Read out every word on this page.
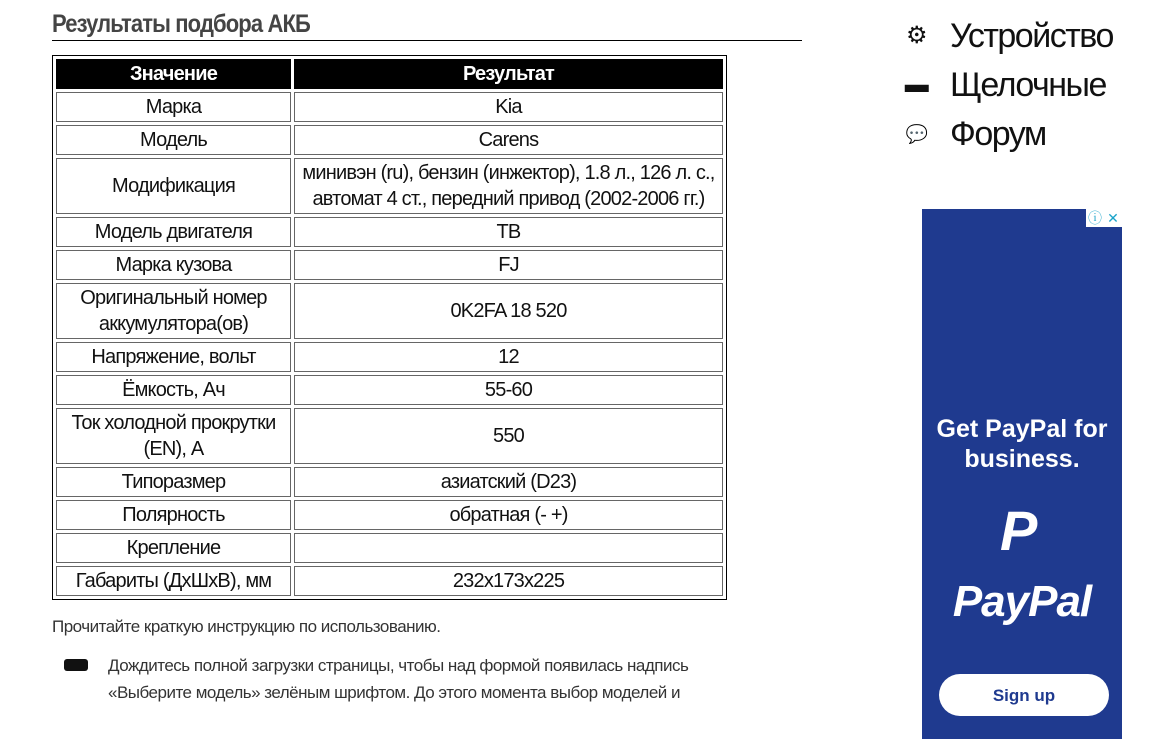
Результаты подбора АКБ
Значение	Результат
Марка	Kia
Модель	Carens
Модификация	минивэн (ru), бензин (инжектор), 1.8 л., 126 л. с., автомат 4 ст., передний привод (2002-2006 гг.)
Модель двигателя	TB
Марка кузова	FJ
Оригинальный номер аккумулятора(ов)	0K2FA 18 520
Напряжение, вольт	12
Ёмкость, Ач	55-60
Ток холодной прокрутки (EN), А	550
Типоразмер	азиатский (D23)
Полярность	обратная (- +)
Крепление	
Габариты (ДхШхВ), мм	232x173x225
Прочитайте краткую инструкцию по использованию.
Дождитесь полной загрузки страницы, чтобы над формой появилась надпись «Выберите модель» зелёным шрифтом. До этого момента выбор моделей и
⚙ Устройство
▬ Щелочные
💬 Форум
ⓘ ✕
Get PayPal for business.
P
PayPal
Sign up
